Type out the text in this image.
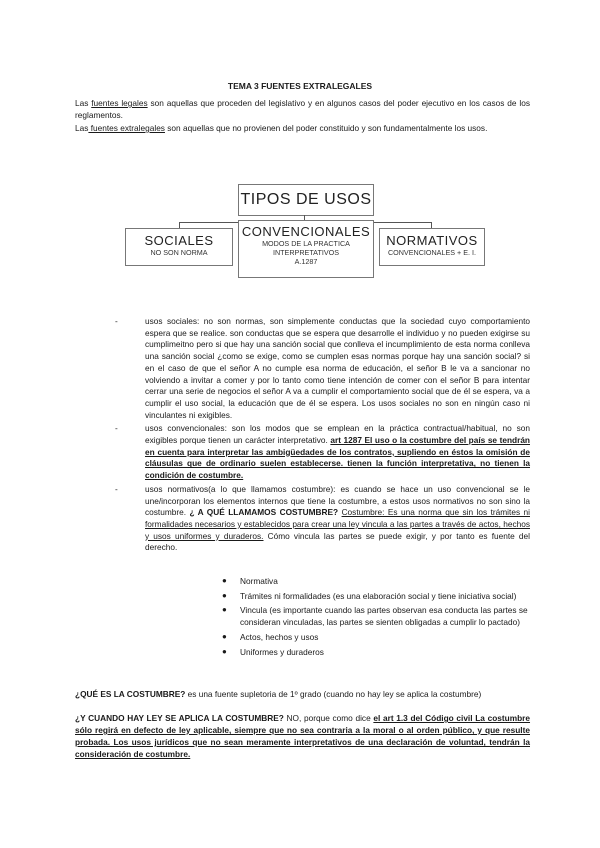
TEMA 3 FUENTES EXTRALEGALES
Las fuentes legales son aquellas que proceden del legislativo y en algunos casos del poder ejecutivo en los casos de los reglamentos.
Las fuentes extralegales son aquellas que no provienen del poder constituido y son fundamentalmente los usos.
TIPOS DE USOS
SOCIALES
NO SON NORMA
CONVENCIONALES
MODOS DE LA PRACTICA
INTERPRETATIVOS
A.1287
NORMATIVOS
CONVENCIONALES + E. I.
-	usos sociales: no son normas, son simplemente conductas que la sociedad cuyo comportamiento espera que se realice. son conductas que se espera que desarrolle el individuo y no pueden exigirse su cumplimeitno pero si que hay una sanción social que conlleva el incumplimiento de esta norma conlleva una sanción social ¿como se exige, como se cumplen esas normas porque hay una sanción social? si en el caso de que el señor A no cumple esa norma de educación, el señor B le va a sancionar no volviendo a invitar a comer y por lo tanto como tiene intención de comer con el señor B para intentar cerrar una serie de negocios el señor A va a cumplir el comportamiento social que de él se espera, va a cumplir el uso social, la educación que de él se espera. Los usos sociales no son en ningún caso ni vinculantes ni exigibles.
-	usos convencionales: son los modos que se emplean en la práctica contractual/habitual, no son exigibles porque tienen un carácter interpretativo. art 1287 El uso o la costumbre del país se tendrán en cuenta para interpretar las ambigüedades de los contratos, supliendo en éstos la omisión de cláusulas que de ordinario suelen establecerse. tienen la función interpretativa, no tienen la condición de costumbre.
-	usos normativos(a lo que llamamos costumbre): es cuando se hace un uso convencional se le une/incorporan los elementos internos que tiene la costumbre, a estos usos normativos no son sino la costumbre. ¿ A QUÉ LLAMAMOS COSTUMBRE? Costumbre: Es una norma que sin los trámites ni formalidades necesarios y establecidos para crear una ley vincula a las partes a través de actos, hechos y usos uniformes y duraderos. Cómo vincula las partes se puede exigir, y por tanto es fuente del derecho.
● Normativa
● Trámites ni formalidades (es una elaboración social y tiene iniciativa social)
● Vincula (es importante cuando las partes observan esa conducta las partes se consideran vinculadas, las partes se sienten obligadas a cumplir lo pactado)
● Actos, hechos y usos
● Uniformes y duraderos
¿QUÉ ES LA COSTUMBRE? es una fuente supletoria de 1º grado (cuando no hay ley se aplica la costumbre)
¿Y CUANDO HAY LEY SE APLICA LA COSTUMBRE? NO, porque como dice el art 1.3 del Código civil La costumbre sólo regirá en defecto de ley aplicable, siempre que no sea contraria a la moral o al orden público, y que resulte probada. Los usos jurídicos que no sean meramente interpretativos de una declaración de voluntad, tendrán la consideración de costumbre.
